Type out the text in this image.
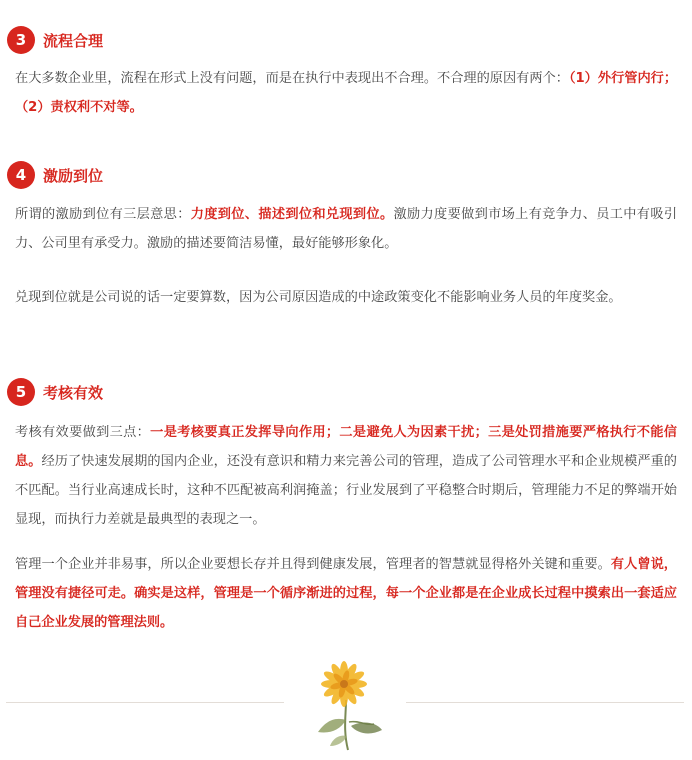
3	流程合理

在大多数企业里，流程在形式上没有问题，而是在执行中表现出不合理。不合理的原因有两个：（1）外行管内行；（2）责权利不对等。

4	激励到位

所谓的激励到位有三层意思：力度到位、描述到位和兑现到位。激励力度要做到市场上有竞争力、员工中有吸引力、公司里有承受力。激励的描述要简洁易懂，最好能够形象化。

兑现到位就是公司说的话一定要算数，因为公司原因造成的中途政策变化不能影响业务人员的年度奖金。

5	考核有效

考核有效要做到三点：一是考核要真正发挥导向作用；二是避免人为因素干扰；三是处罚措施要严格执行不能信息。经历了快速发展期的国内企业，还没有意识和精力来完善公司的管理，造成了公司管理水平和企业规模严重的不匹配。当行业高速成长时，这种不匹配被高利润掩盖；行业发展到了平稳整合时期后，管理能力不足的弊端开始显现，而执行力差就是最典型的表现之一。

管理一个企业并非易事，所以企业要想长存并且得到健康发展，管理者的智慧就显得格外关键和重要。有人曾说，管理没有捷径可走。确实是这样，管理是一个循序渐进的过程，每一个企业都是在企业成长过程中摸索出一套适应自己企业发展的管理法则。
